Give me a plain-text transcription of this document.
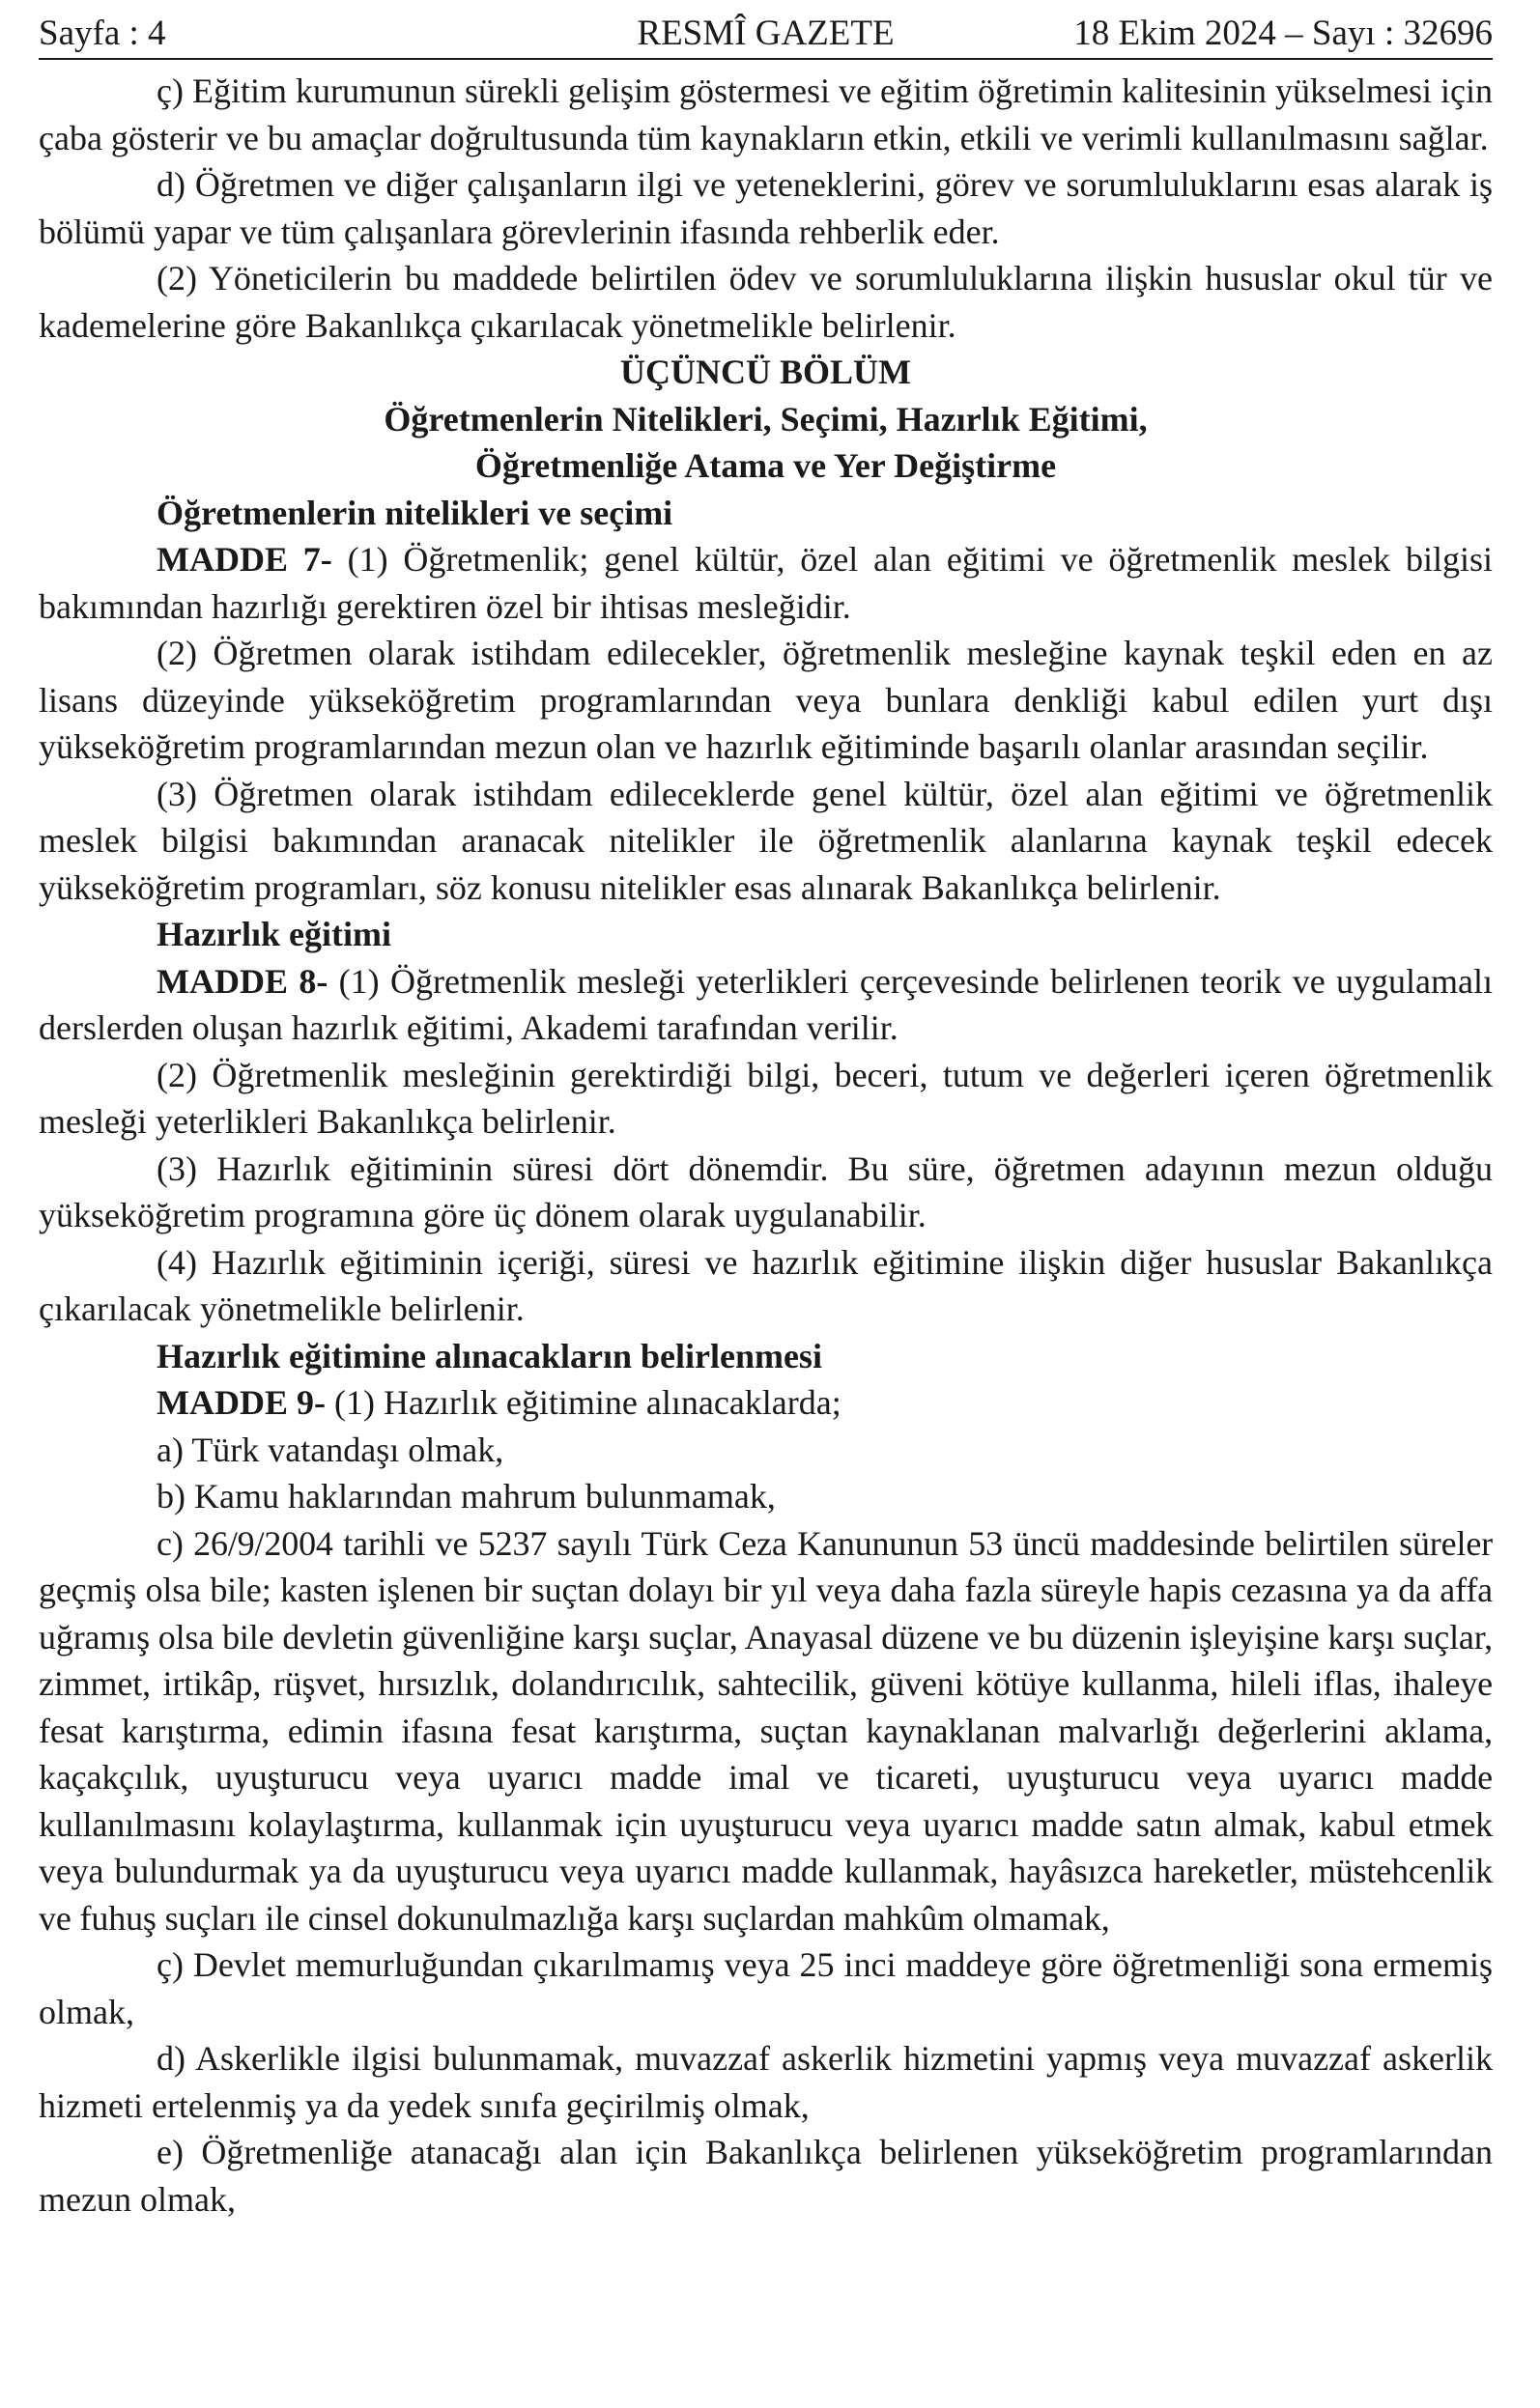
Sayfa : 4	RESMÎ GAZETE	18 Ekim 2024 – Sayı : 32696

ç) Eğitim kurumunun sürekli gelişim göstermesi ve eğitim öğretimin kalitesinin yükselmesi için çaba gösterir ve bu amaçlar doğrultusunda tüm kaynakların etkin, etkili ve verimli kullanılmasını sağlar.

d) Öğretmen ve diğer çalışanların ilgi ve yeteneklerini, görev ve sorumluluklarını esas alarak iş bölümü yapar ve tüm çalışanlara görevlerinin ifasında rehberlik eder.

(2) Yöneticilerin bu maddede belirtilen ödev ve sorumluluklarına ilişkin hususlar okul tür ve kademelerine göre Bakanlıkça çıkarılacak yönetmelikle belirlenir.

ÜÇÜNCÜ BÖLÜM
Öğretmenlerin Nitelikleri, Seçimi, Hazırlık Eğitimi,
Öğretmenliğe Atama ve Yer Değiştirme
Öğretmenlerin nitelikleri ve seçimi

MADDE 7- (1) Öğretmenlik; genel kültür, özel alan eğitimi ve öğretmenlik meslek bilgisi bakımından hazırlığı gerektiren özel bir ihtisas mesleğidir.

(2) Öğretmen olarak istihdam edilecekler, öğretmenlik mesleğine kaynak teşkil eden en az lisans düzeyinde yükseköğretim programlarından veya bunlara denkliği kabul edilen yurt dışı yükseköğretim programlarından mezun olan ve hazırlık eğitiminde başarılı olanlar arasından seçilir.

(3) Öğretmen olarak istihdam edileceklerde genel kültür, özel alan eğitimi ve öğretmenlik meslek bilgisi bakımından aranacak nitelikler ile öğretmenlik alanlarına kaynak teşkil edecek yükseköğretim programları, söz konusu nitelikler esas alınarak Bakanlıkça belirlenir.

Hazırlık eğitimi

MADDE 8- (1) Öğretmenlik mesleği yeterlikleri çerçevesinde belirlenen teorik ve uygulamalı derslerden oluşan hazırlık eğitimi, Akademi tarafından verilir.

(2) Öğretmenlik mesleğinin gerektirdiği bilgi, beceri, tutum ve değerleri içeren öğretmenlik mesleği yeterlikleri Bakanlıkça belirlenir.

(3) Hazırlık eğitiminin süresi dört dönemdir. Bu süre, öğretmen adayının mezun olduğu yükseköğretim programına göre üç dönem olarak uygulanabilir.

(4) Hazırlık eğitiminin içeriği, süresi ve hazırlık eğitimine ilişkin diğer hususlar Bakanlıkça çıkarılacak yönetmelikle belirlenir.

Hazırlık eğitimine alınacakların belirlenmesi

MADDE 9- (1) Hazırlık eğitimine alınacaklarda;

a) Türk vatandaşı olmak,

b) Kamu haklarından mahrum bulunmamak,

c) 26/9/2004 tarihli ve 5237 sayılı Türk Ceza Kanununun 53 üncü maddesinde belirtilen süreler geçmiş olsa bile; kasten işlenen bir suçtan dolayı bir yıl veya daha fazla süreyle hapis cezasına ya da affa uğramış olsa bile devletin güvenliğine karşı suçlar, Anayasal düzene ve bu düzenin işleyişine karşı suçlar, zimmet, irtikâp, rüşvet, hırsızlık, dolandırıcılık, sahtecilik, güveni kötüye kullanma, hileli iflas, ihaleye fesat karıştırma, edimin ifasına fesat karıştırma, suçtan kaynaklanan malvarlığı değerlerini aklama, kaçakçılık, uyuşturucu veya uyarıcı madde imal ve ticareti, uyuşturucu veya uyarıcı madde kullanılmasını kolaylaştırma, kullanmak için uyuşturucu veya uyarıcı madde satın almak, kabul etmek veya bulundurmak ya da uyuşturucu veya uyarıcı madde kullanmak, hayâsızca hareketler, müstehcenlik ve fuhuş suçları ile cinsel dokunulmazlığa karşı suçlardan mahkûm olmamak,

ç) Devlet memurluğundan çıkarılmamış veya 25 inci maddeye göre öğretmenliği sona ermemiş olmak,

d) Askerlikle ilgisi bulunmamak, muvazzaf askerlik hizmetini yapmış veya muvazzaf askerlik hizmeti ertelenmiş ya da yedek sınıfa geçirilmiş olmak,

e) Öğretmenliğe atanacağı alan için Bakanlıkça belirlenen yükseköğretim programlarından mezun olmak,
